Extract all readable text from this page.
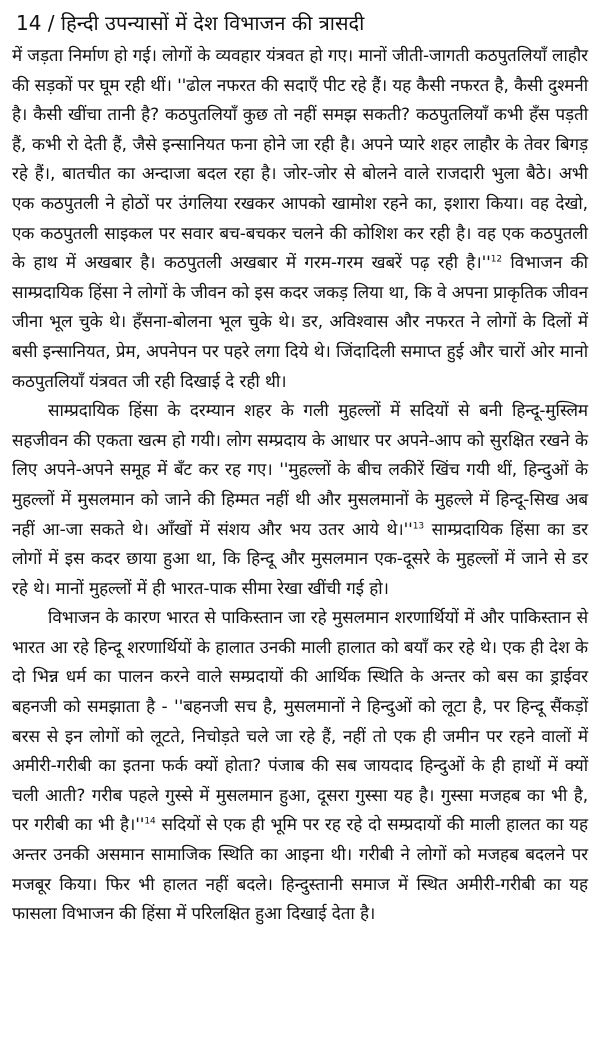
14 / हिन्दी उपन्यासों में देश विभाजन की त्रासदी

में जड़ता निर्माण हो गई। लोगों के व्यवहार यंत्रवत हो गए। मानों जीती-जागती कठपुतलियाँ लाहौर की सड़कों पर घूम रही थीं। ''ढोल नफरत की सदाएँ पीट रहे हैं। यह कैसी नफरत है, कैसी दुश्मनी है। कैसी खींचा तानी है? कठपुतलियाँ कुछ तो नहीं समझ सकती? कठपुतलियाँ कभी हँस पड़ती हैं, कभी रो देती हैं, जैसे इन्सानियत फना होने जा रही है। अपने प्यारे शहर लाहौर के तेवर बिगड़ रहे हैं।, बातचीत का अन्दाजा बदल रहा है। जोर-जोर से बोलने वाले राजदारी भुला बैठे। अभी एक कठपुतली ने होठों पर उंगलिया रखकर आपको खामोश रहने का, इशारा किया। वह देखो, एक कठपुतली साइकल पर सवार बच-बचकर चलने की कोशिश कर रही है। वह एक कठपुतली के हाथ में अखबार है। कठपुतली अखबार में गरम-गरम खबरें पढ़ रही $है।''^{12}$ विभाजन की साम्प्रदायिक हिंसा ने लोगों के जीवन को इस कदर जकड़ लिया था, कि वे अपना प्राकृतिक जीवन जीना भूल चुके थे। हँसना-बोलना भूल चुके थे। डर, अविश्वास और नफरत ने लोगों के दिलों में बसी इन्सानियत, प्रेम, अपनेपन पर पहरे लगा दिये थे। जिंदादिली समाप्त हुई और चारों ओर मानो कठपुतलियाँ यंत्रवत जी रही दिखाई दे रही थी।

साम्प्रदायिक हिंसा के दरम्यान शहर के गली मुहल्लों में सदियों से बनी हिन्दू-मुस्लिम सहजीवन की एकता खत्म हो गयी। लोग सम्प्रदाय के आधार पर अपने-आप को सुरक्षित रखने के लिए अपने-अपने समूह में बँट कर रह गए। ''मुहल्लों के बीच लकीरें खिंच गयी थीं, हिन्दुओं के मुहल्लों में मुसलमान को जाने की हिम्मत नहीं थी और मुसलमानों के मुहल्ले में हिन्दू-सिख अब नहीं आ-जा सकते थे। आँखों में संशय और भय उतर आये $थे।''^{13}$ साम्प्रदायिक हिंसा का डर लोगों में इस कदर छाया हुआ था, कि हिन्दू और मुसलमान एक-दूसरे के मुहल्लों में जाने से डर रहे थे। मानों मुहल्लों में ही भारत-पाक सीमा रेखा खींची गई हो।

विभाजन के कारण भारत से पाकिस्तान जा रहे मुसलमान शरणार्थियों में और पाकिस्तान से भारत आ रहे हिन्दू शरणार्थियों के हालात उनकी माली हालात को बयाँ कर रहे थे। एक ही देश के दो भिन्न धर्म का पालन करने वाले सम्प्रदायों की आर्थिक स्थिति के अन्तर को बस का ड्राईवर बहनजी को समझाता है - ''बहनजी सच है, मुसलमानों ने हिन्दुओं को लूटा है, पर हिन्दू सैंकड़ों बरस से इन लोगों को लूटते, निचोड़ते चले जा रहे हैं, नहीं तो एक ही जमीन पर रहने वालों में अमीरी-गरीबी का इतना फर्क क्यों होता? पंजाब की सब जायदाद हिन्दुओं के ही हाथों में क्यों चली आती? गरीब पहले गुस्से में मुसलमान हुआ, दूसरा गुस्सा यह है। गुस्सा मजहब का भी है, पर गरीबी का भी $है।''^{14}$ सदियों से एक ही भूमि पर रह रहे दो सम्प्रदायों की माली हालत का यह अन्तर उनकी असमान सामाजिक स्थिति का आइना थी। गरीबी ने लोगों को मजहब बदलने पर मजबूर किया। फिर भी हालत नहीं बदले। हिन्दुस्तानी समाज में स्थित अमीरी-गरीबी का यह फासला विभाजन की हिंसा में परिलक्षित हुआ दिखाई देता है।
